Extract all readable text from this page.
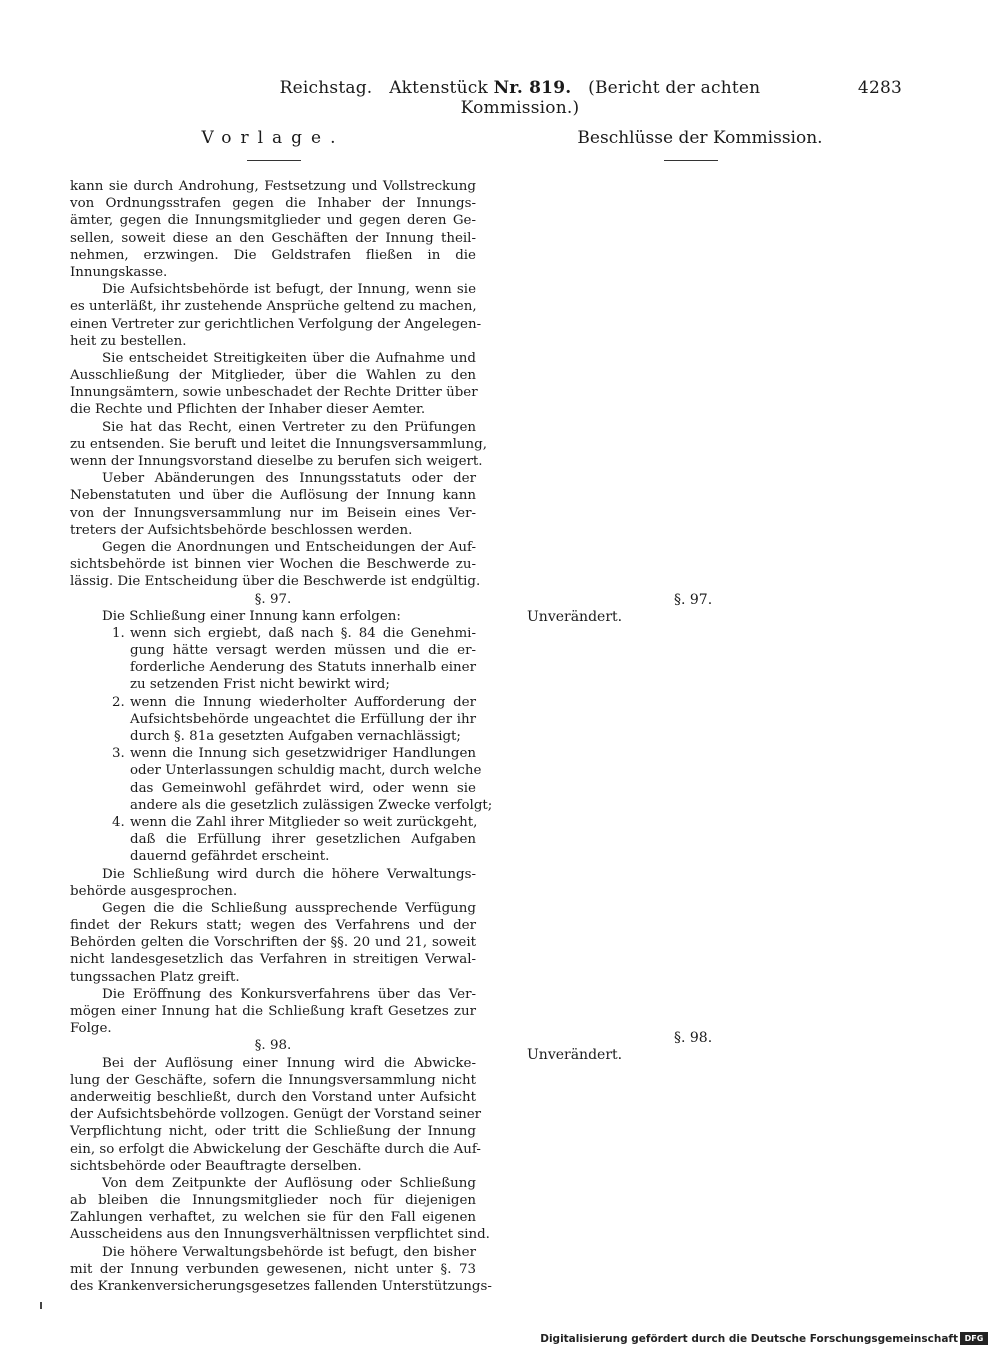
Reichstag. Aktenstück Nr. 819. (Bericht der achten Kommission.)
4283
Vorlage.	Beschlüsse der Kommission.
kann sie durch Androhung, Festsetzung und Vollstreckung
von Ordnungsstrafen gegen die Inhaber der Innungs-
ämter, gegen die Innungsmitglieder und gegen deren Ge-
sellen, soweit diese an den Geschäften der Innung theil-
nehmen, erzwingen. Die Geldstrafen fließen in die
Innungskasse.
Die Aufsichtsbehörde ist befugt, der Innung, wenn sie
es unterläßt, ihr zustehende Ansprüche geltend zu machen,
einen Vertreter zur gerichtlichen Verfolgung der Angelegen-
heit zu bestellen.
Sie entscheidet Streitigkeiten über die Aufnahme und
Ausschließung der Mitglieder, über die Wahlen zu den
Innungsämtern, sowie unbeschadet der Rechte Dritter über
die Rechte und Pflichten der Inhaber dieser Aemter.
Sie hat das Recht, einen Vertreter zu den Prüfungen
zu entsenden. Sie beruft und leitet die Innungsversammlung,
wenn der Innungsvorstand dieselbe zu berufen sich weigert.
Ueber Abänderungen des Innungsstatuts oder der
Nebenstatuten und über die Auflösung der Innung kann
von der Innungsversammlung nur im Beisein eines Ver-
treters der Aufsichtsbehörde beschlossen werden.
Gegen die Anordnungen und Entscheidungen der Auf-
sichtsbehörde ist binnen vier Wochen die Beschwerde zu-
lässig. Die Entscheidung über die Beschwerde ist endgültig.
§. 97.
Die Schließung einer Innung kann erfolgen:
1. wenn sich ergiebt, daß nach §. 84 die Genehmi-
gung hätte versagt werden müssen und die er-
forderliche Aenderung des Statuts innerhalb einer
zu setzenden Frist nicht bewirkt wird;
2. wenn die Innung wiederholter Aufforderung der
Aufsichtsbehörde ungeachtet die Erfüllung der ihr
durch §. 81a gesetzten Aufgaben vernachlässigt;
3. wenn die Innung sich gesetzwidriger Handlungen
oder Unterlassungen schuldig macht, durch welche
das Gemeinwohl gefährdet wird, oder wenn sie
andere als die gesetzlich zulässigen Zwecke verfolgt;
4. wenn die Zahl ihrer Mitglieder so weit zurückgeht,
daß die Erfüllung ihrer gesetzlichen Aufgaben
dauernd gefährdet erscheint.
Die Schließung wird durch die höhere Verwaltungs-
behörde ausgesprochen.
Gegen die die Schließung aussprechende Verfügung
findet der Rekurs statt; wegen des Verfahrens und der
Behörden gelten die Vorschriften der §§. 20 und 21, soweit
nicht landesgesetzlich das Verfahren in streitigen Verwal-
tungssachen Platz greift.
Die Eröffnung des Konkursverfahrens über das Ver-
mögen einer Innung hat die Schließung kraft Gesetzes zur
Folge.
§. 98.
Bei der Auflösung einer Innung wird die Abwicke-
lung der Geschäfte, sofern die Innungsversammlung nicht
anderweitig beschließt, durch den Vorstand unter Aufsicht
der Aufsichtsbehörde vollzogen. Genügt der Vorstand seiner
Verpflichtung nicht, oder tritt die Schließung der Innung
ein, so erfolgt die Abwickelung der Geschäfte durch die Auf-
sichtsbehörde oder Beauftragte derselben.
Von dem Zeitpunkte der Auflösung oder Schließung
ab bleiben die Innungsmitglieder noch für diejenigen
Zahlungen verhaftet, zu welchen sie für den Fall eigenen
Ausscheidens aus den Innungsverhältnissen verpflichtet sind.
Die höhere Verwaltungsbehörde ist befugt, den bisher
mit der Innung verbunden gewesenen, nicht unter §. 73
des Krankenversicherungsgesetzes fallenden Unterstützungs-
§. 97.
Unverändert.
§. 98.
Unverändert.
Digitalisierung gefördert durch die Deutsche Forschungsgemeinschaft DFG
